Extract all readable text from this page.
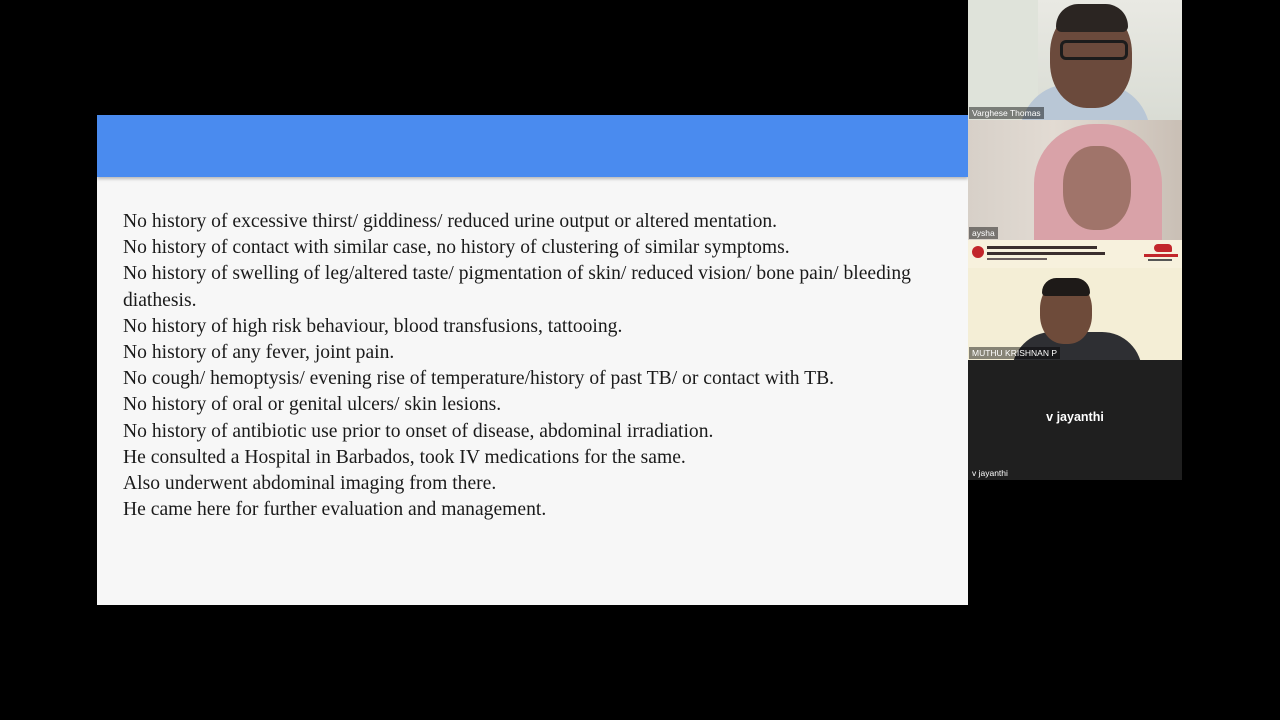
No history of excessive thirst/ giddiness/ reduced urine output or altered mentation.
No history of contact with similar case, no history of clustering of similar symptoms.
No history of swelling of leg/altered taste/ pigmentation of skin/ reduced vision/ bone pain/ bleeding diathesis.
No history of high risk behaviour, blood transfusions, tattooing.
No history of any fever, joint pain.
No cough/ hemoptysis/ evening rise of temperature/history of past TB/ or contact with TB.
No history of oral or genital ulcers/ skin lesions.
No history of antibiotic use prior to onset of disease, abdominal irradiation.
He consulted a Hospital in Barbados, took IV medications for the same.
Also underwent abdominal imaging from there.
He came here for further evaluation and management.
Varghese Thomas
aysha
MUTHU KRISHNAN P
v jayanthi
v jayanthi
